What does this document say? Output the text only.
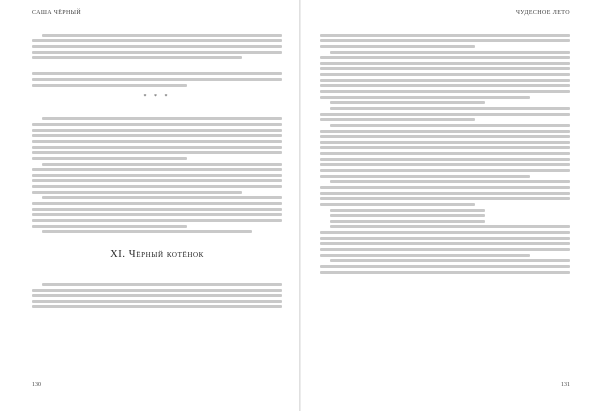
САША ЧЁРНЫЙ

* * *

XI. Чёрный котёнок

130
ЧУДЕСНОЕ ЛЕТО

131
